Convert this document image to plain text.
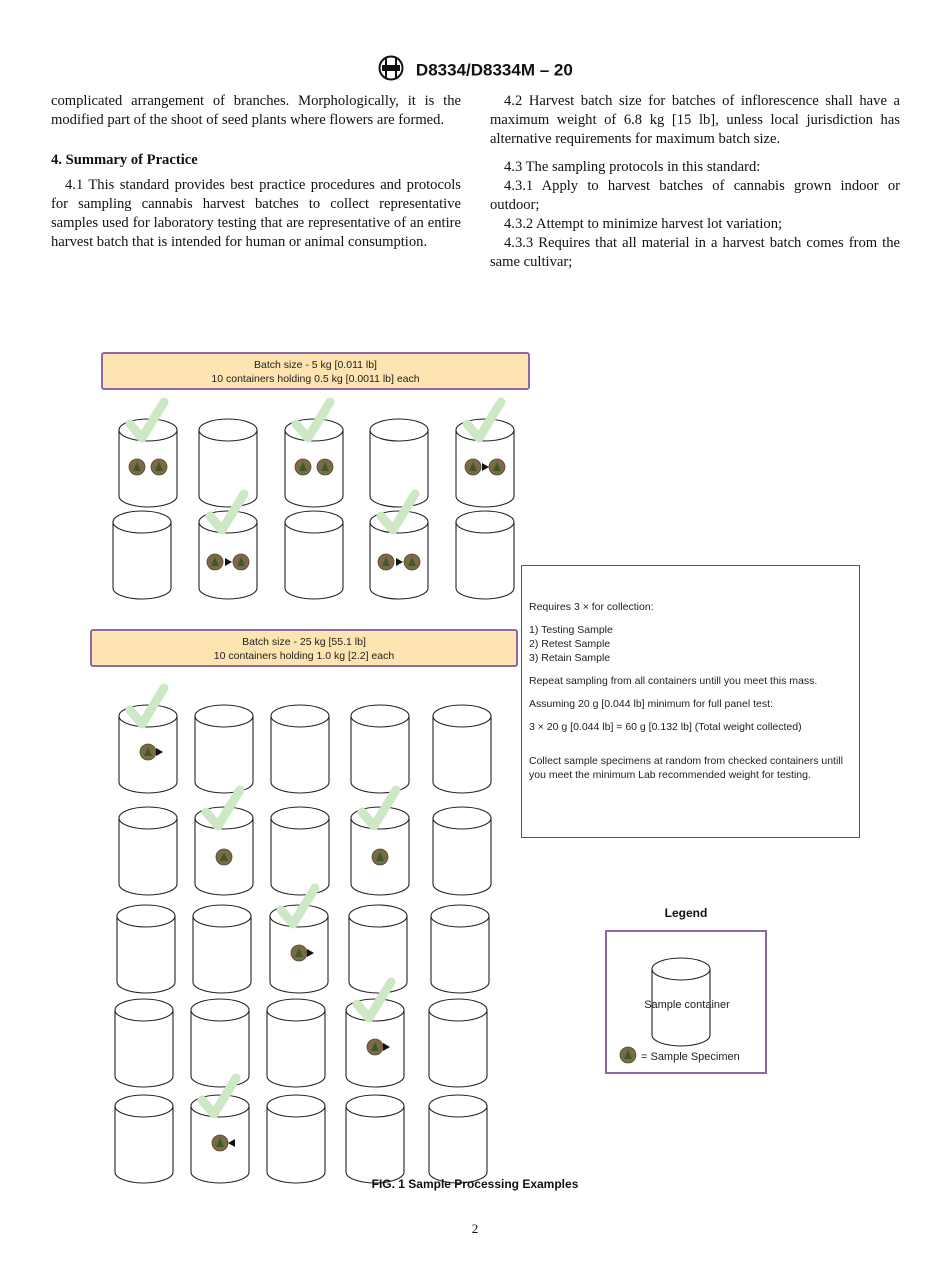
D8334/D8334M – 20

complicated arrangement of branches. Morphologically, it is the modified part of the shoot of seed plants where flowers are formed.

4. Summary of Practice

4.1 This standard provides best practice procedures and protocols for sampling cannabis harvest batches to collect representative samples used for laboratory testing that are representative of an entire harvest batch that is intended for human or animal consumption.

4.2 Harvest batch size for batches of inflorescence shall have a maximum weight of 6.8 kg [15 lb], unless local jurisdiction has alternative requirements for maximum batch size.

4.3 The sampling protocols in this standard:

4.3.1 Apply to harvest batches of cannabis grown indoor or outdoor;

4.3.2 Attempt to minimize harvest lot variation;

4.3.3 Requires that all material in a harvest batch comes from the same cultivar;

Batch size - 5 kg [0.011 lb]
10 containers holding 0.5 kg [0.0011 lb] each
Batch size - 25 kg [55.1 lb]
10 containers holding 1.0 kg [2.2] each

Requires 3 × for collection:

1) Testing Sample

2) Retest Sample

3) Retain Sample

Repeat sampling from all containers untill you meet this mass.

Assuming 20 g [0.044 lb] minimum for full panel test:

3 × 20 g [0.044 lb] = 60 g [0.132 lb] (Total weight collected)

Collect sample specimens at random from checked containers untill you meet the minimum Lab recommended weight for testing.

Legend
Sample container
= Sample Specimen
FIG. 1 Sample Processing Examples
2
